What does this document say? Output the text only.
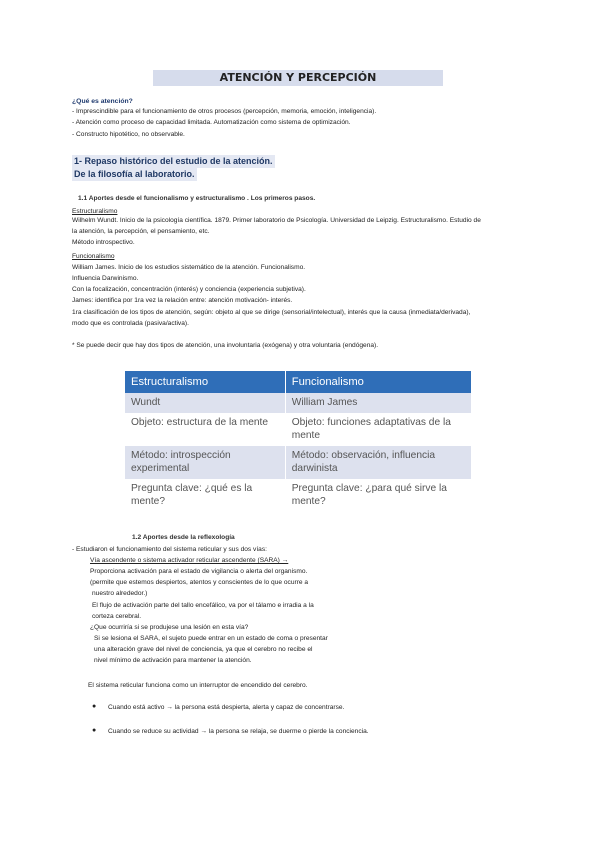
ATENCIÓN Y PERCEPCIÓN
¿Qué es atención?
- Imprescindible para el funcionamiento de otros procesos (percepción, memoria, emoción, inteligencia).
- Atención como proceso de capacidad limitada. Automatización como sistema de optimización.
- Constructo hipotético, no observable.
1- Repaso histórico del estudio de la atención.
De la filosofía al laboratorio.
1.1 Aportes desde el funcionalismo y estructuralismo . Los primeros pasos.
Estructuralismo
Wilhelm Wundt. Inicio de la psicología científica. 1879. Primer laboratorio de Psicología. Universidad de Leipzig. Estructuralismo. Estudio de
la atención, la percepción, el pensamiento, etc.
Método introspectivo.
Funcionalismo
William James. Inicio de los estudios sistemático de la atención. Funcionalismo.
Influencia Darwinismo.
Con la focalización, concentración (interés) y conciencia (experiencia subjetiva).
James: identifica por 1ra vez la relación entre: atención motivación- interés.
1ra clasificación de los tipos de atención, según: objeto al que se dirige (sensorial/intelectual), interés que la causa (inmediata/derivada),
modo que es controlada (pasiva/activa).
* Se puede decir que hay dos tipos de atención, una involuntaria (exógena) y otra voluntaria (endógena).
Estructuralismo	Funcionalismo
Wundt	William James
Objeto: estructura de la mente	Objeto: funciones adaptativas de la mente
Método: introspección experimental	Método: observación, influencia darwinista
Pregunta clave: ¿qué es la mente?	Pregunta clave: ¿para qué sirve la mente?
1.2 Aportes desde la reflexología
- Estudiaron el funcionamiento del sistema reticular y sus dos vías:
Vía ascendente o sistema activador reticular ascendente (SARA) →
Proporciona activación para el estado de vigilancia o alerta del organismo.
(permite que estemos despiertos, atentos y conscientes de lo que ocurre a
nuestro alrededor.)
El flujo de activación parte del tallo encefálico, va por el tálamo e irradia a la
corteza cerebral.
¿Que ocurriría si se produjese una lesión en esta vía?
Si se lesiona el SARA, el sujeto puede entrar en un estado de coma o presentar
una alteración grave del nivel de conciencia, ya que el cerebro no recibe el
nivel mínimo de activación para mantener la atención.
El sistema reticular funciona como un interruptor de encendido del cerebro.
● Cuando está activo → la persona está despierta, alerta y capaz de concentrarse.
● Cuando se reduce su actividad → la persona se relaja, se duerme o pierde la conciencia.
